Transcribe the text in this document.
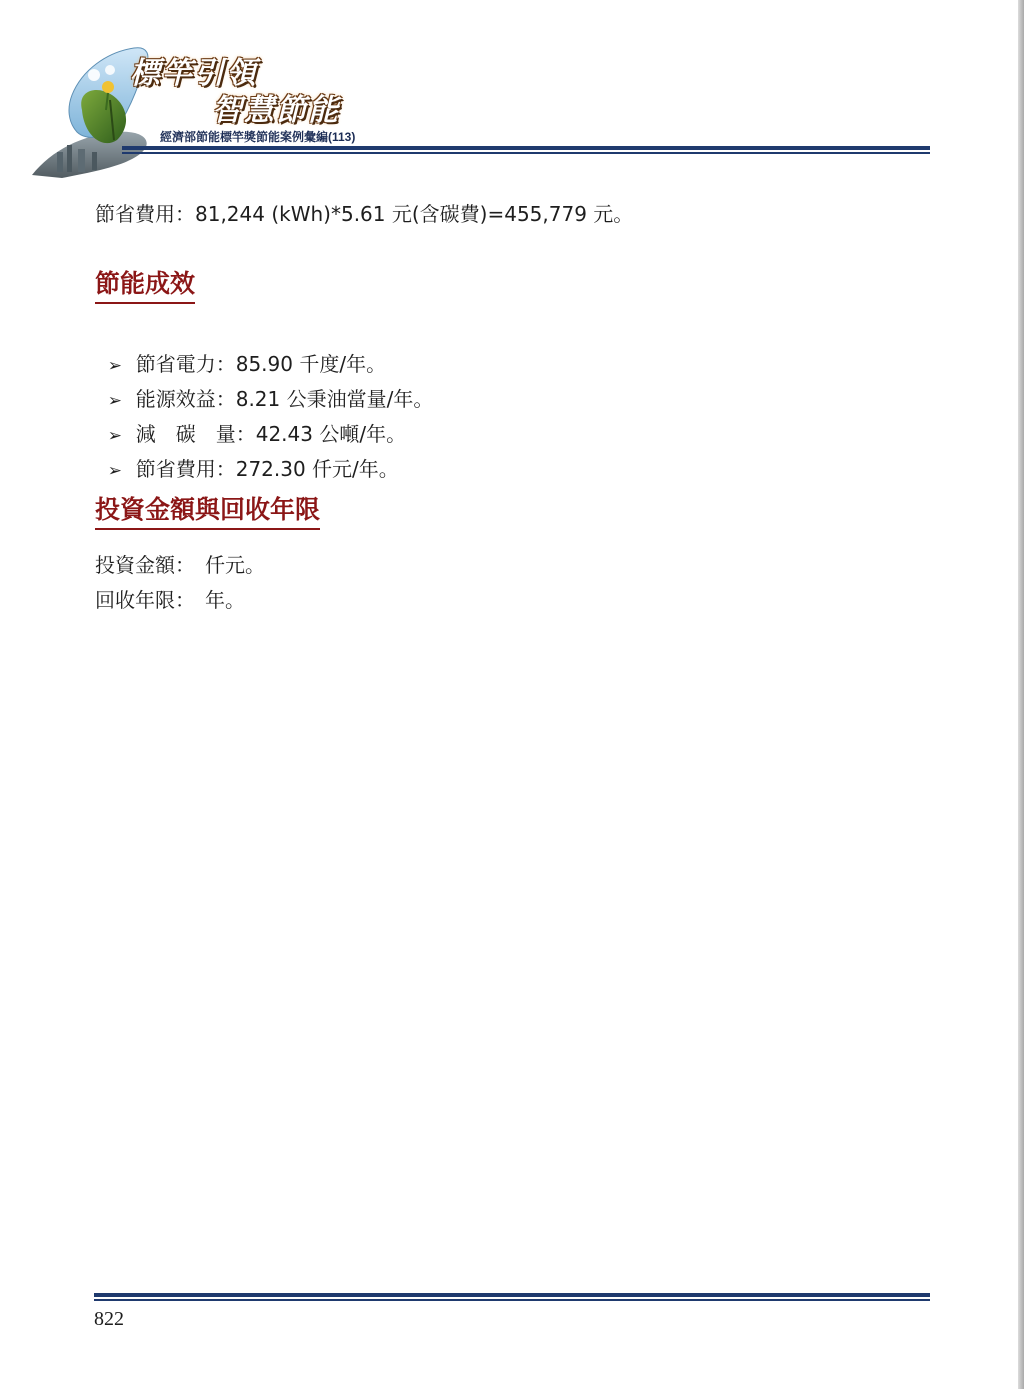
標竿引領
智慧節能
經濟部節能標竿獎節能案例彙編(113)
節省費用：81,244 (kWh)*5.61 元(含碳費)=455,779 元。
節能成效

➢ 節省電力：85.90 千度/年。

➢ 能源效益：8.21 公秉油當量/年。

➢ 減　碳　量：42.43 公噸/年。

➢ 節省費用：272.30 仟元/年。

投資金額與回收年限
投資金額：　仟元。
回收年限：　年。
822
